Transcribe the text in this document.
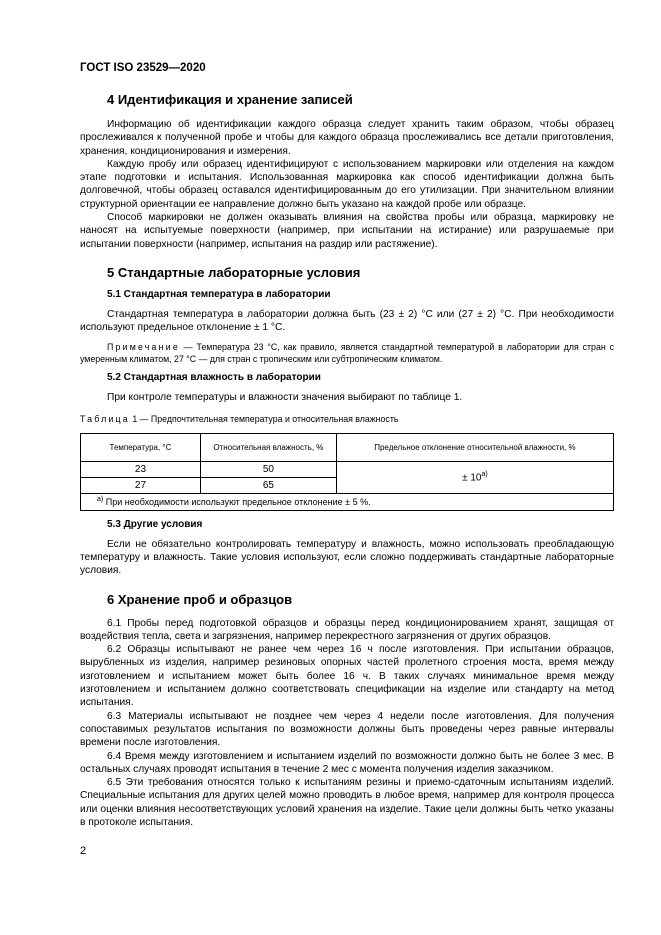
ГОСТ ISO 23529—2020
4 Идентификация и хранение записей

Информацию об идентификации каждого образца следует хранить таким образом, чтобы образец прослеживался к полученной пробе и чтобы для каждого образца прослеживались все детали приготовления, хранения, кондиционирования и измерения.

Каждую пробу или образец идентифицируют с использованием маркировки или отделения на каждом этапе подготовки и испытания. Использованная маркировка как способ идентификации должна быть долговечной, чтобы образец оставался идентифицированным до его утилизации. При значительном влиянии структурной ориентации ее направление должно быть указано на каждой пробе или образце.

Способ маркировки не должен оказывать влияния на свойства пробы или образца, маркировку не наносят на испытуемые поверхности (например, при испытании на истирание) или разрушаемые при испытании поверхности (например, испытания на раздир или растяжение).

5 Стандартные лабораторные условия
5.1 Стандартная температура в лаборатории

Стандартная температура в лаборатории должна быть (23 ± 2) °С или (27 ± 2) °С. При необходимости используют предельное отклонение ± 1 °С.

Примечание — Температура 23 °С, как правило, является стандартной температурой в лаборатории для стран с умеренным климатом, 27 °С — для стран с тропическим или субтропическим климатом.

5.2 Стандартная влажность в лаборатории

При контроле температуры и влажности значения выбирают по таблице 1.

Таблица 1 — Предпочтительная температура и относительная влажность

Температура, °С	Относительная влажность, %	Предельное отклонение относительной влажности, %
23	50	± $10^{а)}$
27	65	
$^{а)}$ При необходимости используют предельное отклонение ± 5 %.		
5.3 Другие условия

Если не обязательно контролировать температуру и влажность, можно использовать преобладающую температуру и влажность. Такие условия используют, если сложно поддерживать стандартные лабораторные условия.

6 Хранение проб и образцов

6.1 Пробы перед подготовкой образцов и образцы перед кондиционированием хранят, защищая от воздействия тепла, света и загрязнения, например перекрестного загрязнения от других образцов.

6.2 Образцы испытывают не ранее чем через 16 ч после изготовления. При испытании образцов, вырубленных из изделия, например резиновых опорных частей пролетного строения моста, время между изготовлением и испытанием может быть более 16 ч. В таких случаях минимальное время между изготовлением и испытанием должно соответствовать спецификации на изделие или стандарту на метод испытания.

6.3 Материалы испытывают не позднее чем через 4 недели после изготовления. Для получения сопоставимых результатов испытания по возможности должны быть проведены через равные интервалы времени после изготовления.

6.4 Время между изготовлением и испытанием изделий по возможности должно быть не более 3 мес. В остальных случаях проводят испытания в течение 2 мес с момента получения изделия заказчиком.

6.5 Эти требования относятся только к испытаниям резины и приемо-сдаточным испытаниям изделий. Специальные испытания для других целей можно проводить в любое время, например для контроля процесса или оценки влияния несоответствующих условий хранения на изделие. Такие цели должны быть четко указаны в протоколе испытания.

2
